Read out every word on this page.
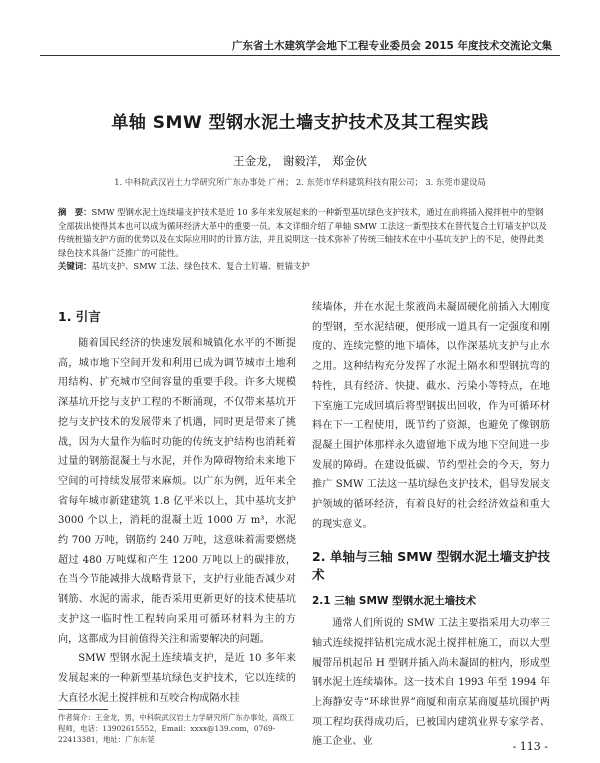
广东省土木建筑学会地下工程专业委员会 2015 年度技术交流论文集
单轴 SMW 型钢水泥土墙支护技术及其工程实践
王金龙， 谢毅洋， 郑金伙
1. 中科院武汉岩土力学研究所广东办事处 广州； 2. 东莞市华科建筑科技有限公司； 3. 东莞市建设局
摘　要：SMW 型钢水泥土连续墙支护技术是近 10 多年来发展起来的一种新型基坑绿色支护技术，通过在前将插入搅拌桩中的型钢全部拔出使得其本也可以成为循环经济大革中的重要一员。本文详细介绍了单轴 SMW 工法这一新型技术在替代复合土钉墙支护以及传统桩锚支护方面的优势以及在实际应用时的计算方法，并且说明这一技术弥补了传统三轴技术在中小基坑支护上的不足，使得此类绿色技术具备广泛推广的可能性。
关键词：基坑支护、SMW 工法、绿色技术、复合土钉墙、桩锚支护
1. 引言

随着国民经济的快速发展和城镇化水平的不断提高，城市地下空间开发和利用已成为调节城市土地利用结构、扩充城市空间容量的重要手段。许多大规模深基坑开挖与支护工程的不断涌现，不仅带来基坑开挖与支护技术的发展带来了机遇，同时更是带来了挑战，因为大量作为临时功能的传统支护结构也消耗着过量的钢筋混凝土与水泥，并作为障碍物给未来地下空间的可持续发展带来麻烦。以广东为例，近年来全省每年城市新建建筑 1.8 亿平米以上，其中基坑支护 3000 个以上，消耗的混凝土近 1000 万 m³，水泥约 700 万吨，钢筋约 240 万吨，这意味着需要燃烧超过 480 万吨煤和产生 1200 万吨以上的碳排放，在当今节能减排大战略背景下，支护行业能否减少对钢筋、水泥的需求，能否采用更新更好的技术使基坑支护这一临时性工程转向采用可循环材料为主的方向，这都成为目前值得关注和需要解决的问题。

SMW 型钢水泥土连续墙支护，是近 10 多年来发展起来的一种新型基坑绿色支护技术，它以连续的大直径水泥土搅拌桩和互咬合构成隔水挂

续墙体，并在水泥土浆液尚未凝固硬化前插入大刚度的型钢，至水泥结硬，便形成一道具有一定强度和刚度的、连续完整的地下墙体，以作深基坑支护与止水之用。这种结构充分发挥了水泥土隔水和型钢抗弯的特性，具有经济、快捷、截水、污染小等特点，在地下室施工完成回填后将型钢拔出回收，作为可循环材料在下一工程使用，既节约了资源，也避免了像钢筋混凝土围护体那样永久遗留地下成为地下空间进一步发展的障碍。在建设低碳、节约型社会的今天，努力推广 SMW 工法这一基坑绿色支护技术，倡导发展支护领域的循环经济，有着良好的社会经济效益和重大的现实意义。

2. 单轴与三轴 SMW 型钢水泥土墙支护技术
2.1 三轴 SMW 型钢水泥土墙技术

通常人们所说的 SMW 工法主要指采用大功率三轴式连续搅拌钻机完成水泥土搅拌桩施工，而以大型履带吊机起吊 H 型钢并插入尚未凝固的桩内，形成型钢水泥土连续墙体。这一技术自 1993 年至 1994 年上海静安寺“环球世界”商厦和南京某商厦基坑围护两项工程均获得成功后，已被国内建筑业界专家学者、施工企业、业

作者简介：王金龙，男，中科院武汉岩土力学研究所广东办事处，高级工程师，电话：13902615552，Email：xxxx@139.com，0769-22413381，地址：广东东莞
- 113 -
